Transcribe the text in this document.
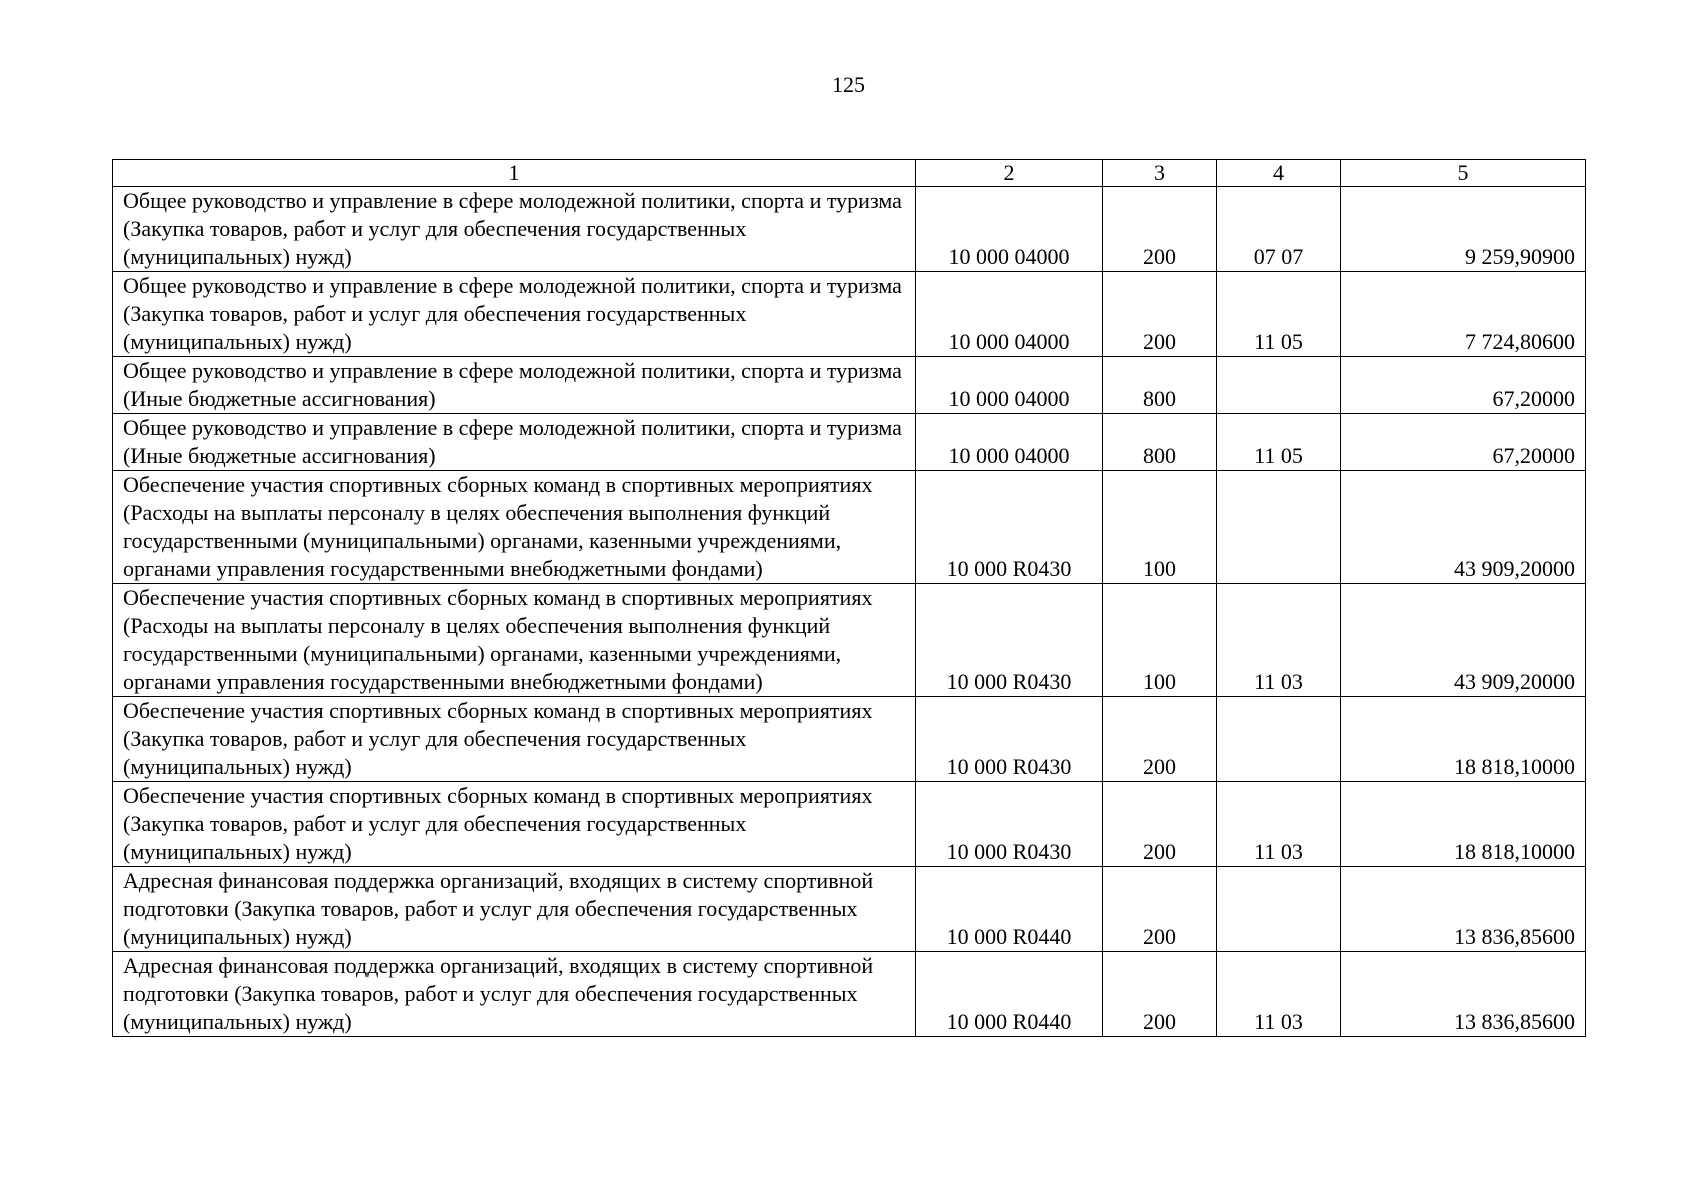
125
1	2	3	4	5
Общее руководство и управление в сфере молодежной политики, спорта и туризма (Закупка товаров, работ и услуг для обеспечения государственных (муниципальных) нужд)	10 000 04000	200	07 07	9 259,90900
Общее руководство и управление в сфере молодежной политики, спорта и туризма (Закупка товаров, работ и услуг для обеспечения государственных (муниципальных) нужд)	10 000 04000	200	11 05	7 724,80600
Общее руководство и управление в сфере молодежной политики, спорта и туризма (Иные бюджетные ассигнования)	10 000 04000	800		67,20000
Общее руководство и управление в сфере молодежной политики, спорта и туризма (Иные бюджетные ассигнования)	10 000 04000	800	11 05	67,20000
Обеспечение участия спортивных сборных команд в спортивных мероприятиях (Расходы на выплаты персоналу в целях обеспечения выполнения функций государственными (муниципальными) органами, казенными учреждениями, органами управления государственными внебюджетными фондами)	10 000 R0430	100		43 909,20000
Обеспечение участия спортивных сборных команд в спортивных мероприятиях (Расходы на выплаты персоналу в целях обеспечения выполнения функций государственными (муниципальными) органами, казенными учреждениями, органами управления государственными внебюджетными фондами)	10 000 R0430	100	11 03	43 909,20000
Обеспечение участия спортивных сборных команд в спортивных мероприятиях (Закупка товаров, работ и услуг для обеспечения государственных (муниципальных) нужд)	10 000 R0430	200		18 818,10000
Обеспечение участия спортивных сборных команд в спортивных мероприятиях (Закупка товаров, работ и услуг для обеспечения государственных (муниципальных) нужд)	10 000 R0430	200	11 03	18 818,10000
Адресная финансовая поддержка организаций, входящих в систему спортивной подготовки (Закупка товаров, работ и услуг для обеспечения государственных (муниципальных) нужд)	10 000 R0440	200		13 836,85600
Адресная финансовая поддержка организаций, входящих в систему спортивной подготовки (Закупка товаров, работ и услуг для обеспечения государственных (муниципальных) нужд)	10 000 R0440	200	11 03	13 836,85600
